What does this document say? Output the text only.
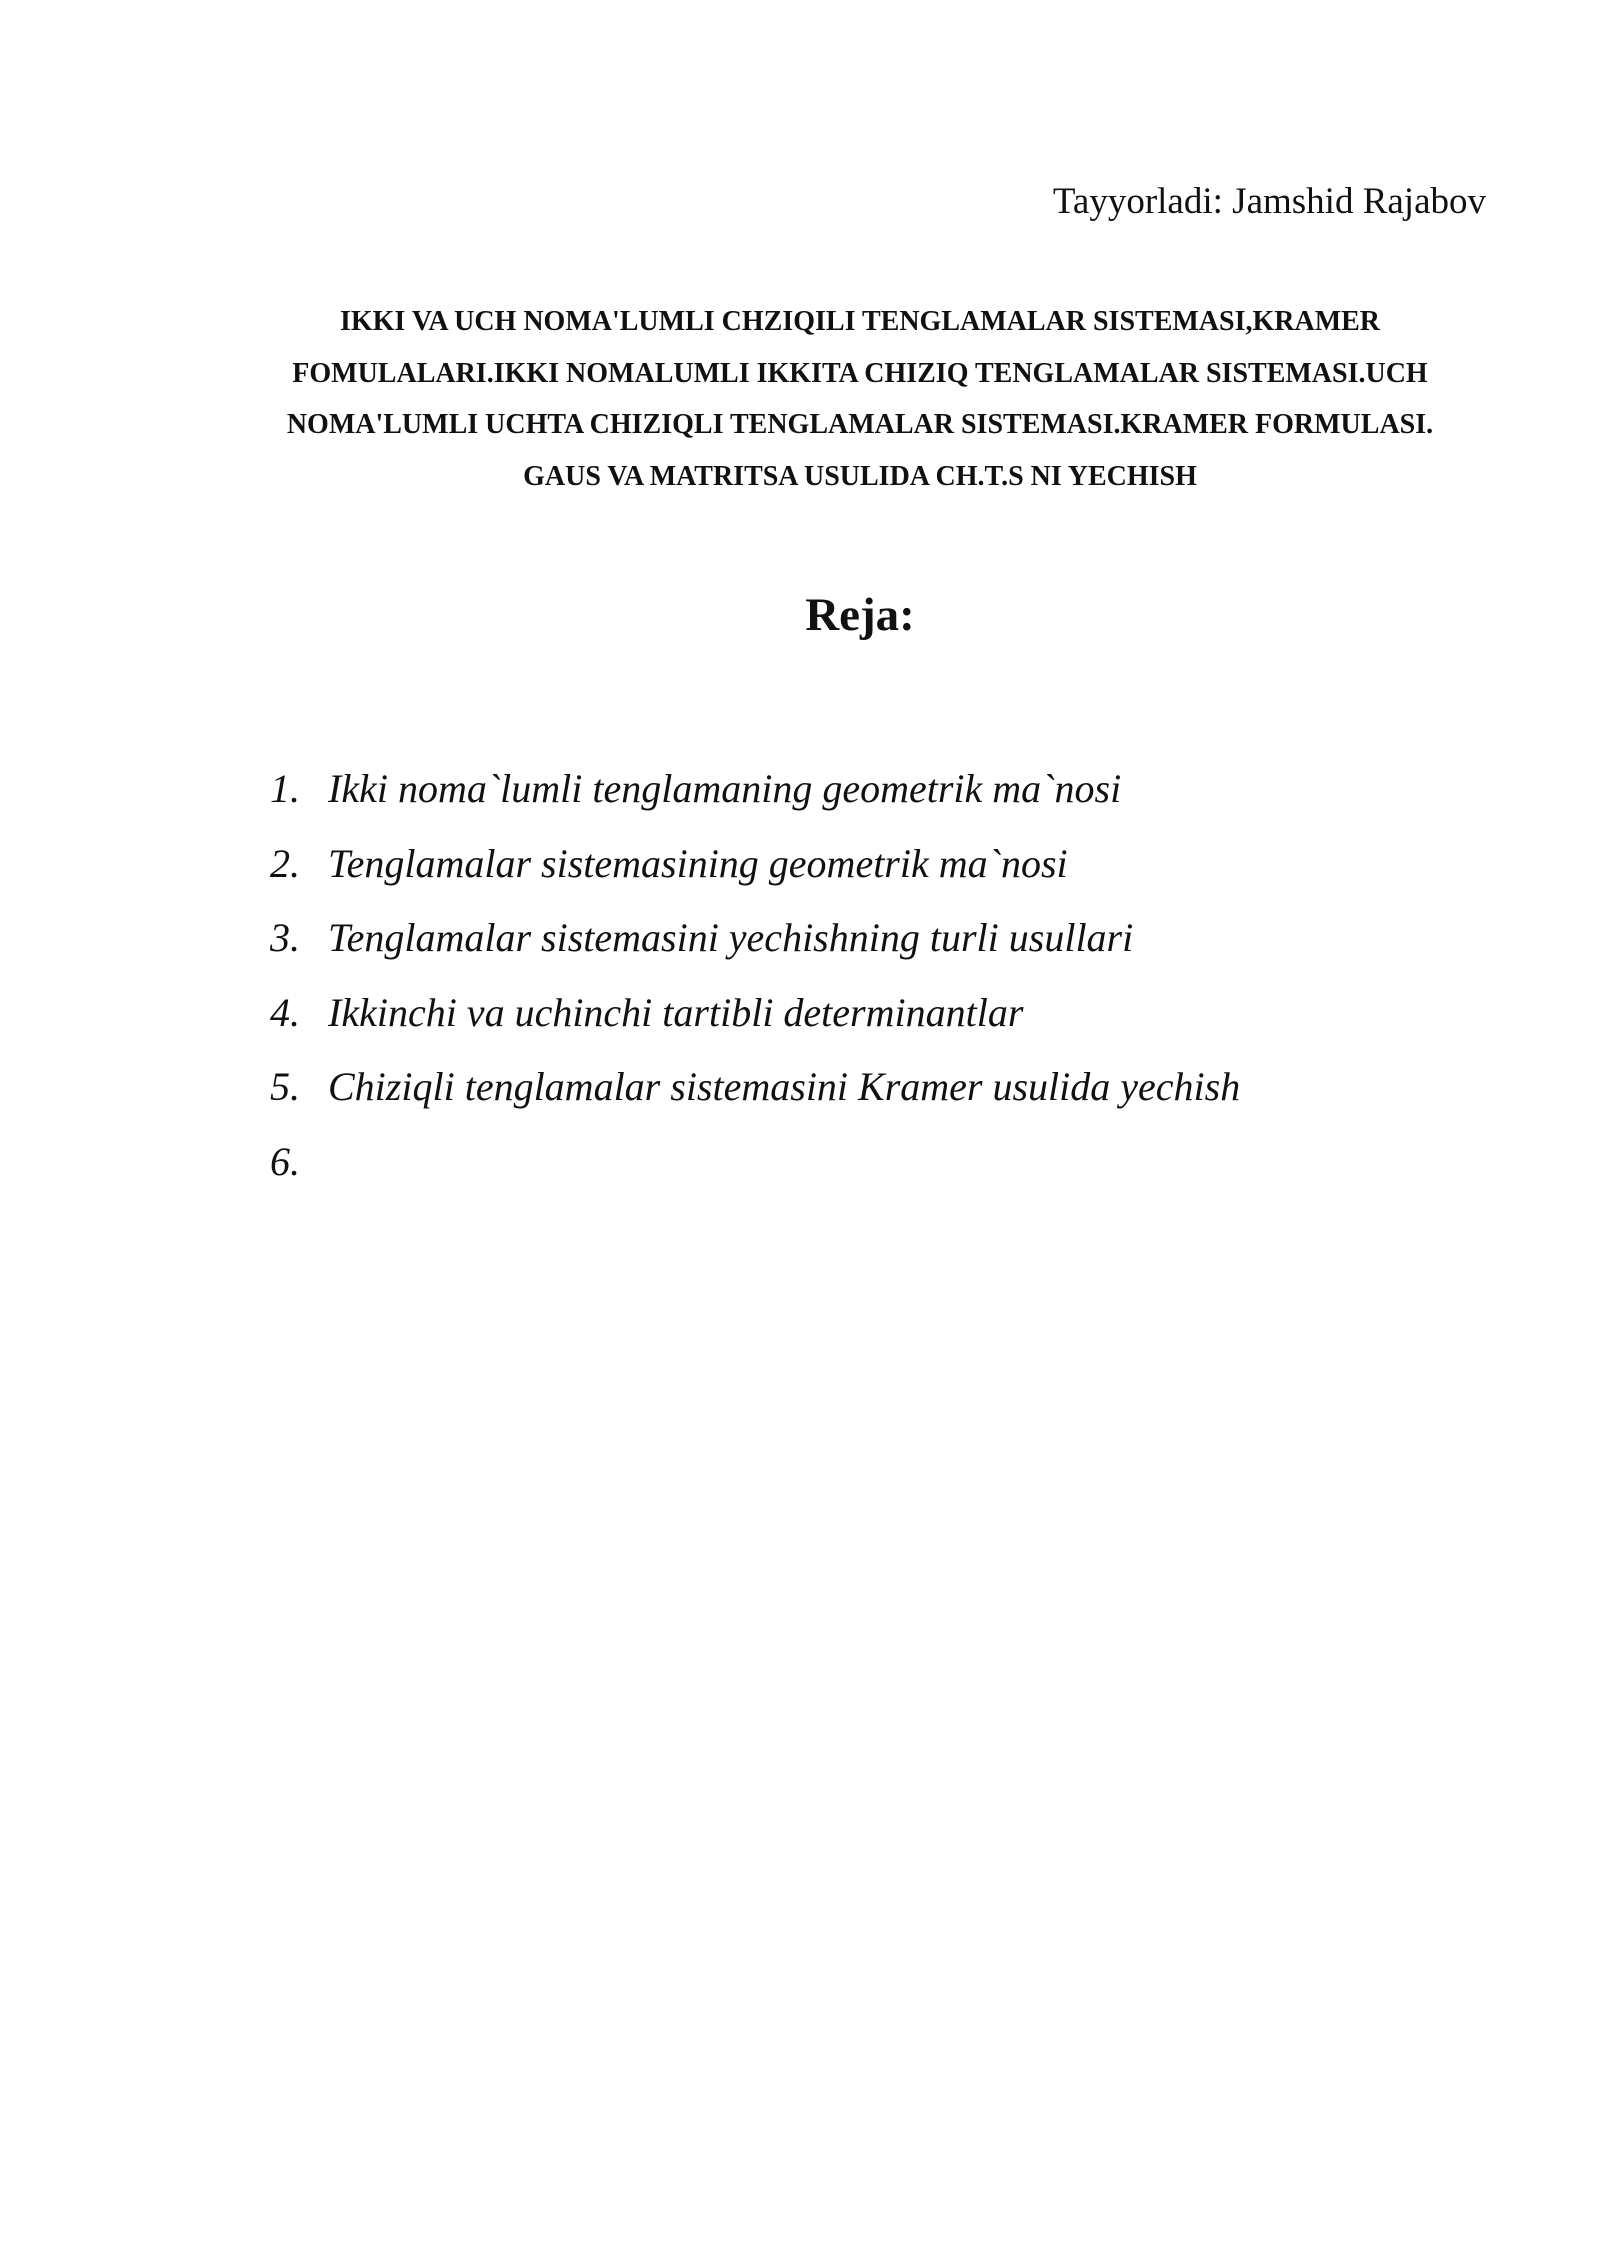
Tayyorladi: Jamshid Rajabov
IKKI VA UCH NOMA'LUMLI CHZIQILI TENGLAMALAR SISTEMASI,KRAMER
FOMULALARI.IKKI NOMALUMLI IKKITA CHIZIQ TENGLAMALAR SISTEMASI.UCH
NOMA'LUMLI UCHTA CHIZIQLI TENGLAMALAR SISTEMASI.KRAMER FORMULASI.
GAUS VA MATRITSA USULIDA CH.T.S NI YECHISH
Reja:
1. Ikki noma`lumli tenglamaning geometrik ma`nosi
2. Tenglamalar sistemasining geometrik ma`nosi
3. Tenglamalar sistemasini yechishning turli usullari
4. Ikkinchi va uchinchi tartibli determinantlar
5. Chiziqli tenglamalar sistemasini Kramer usulida yechish
6.
